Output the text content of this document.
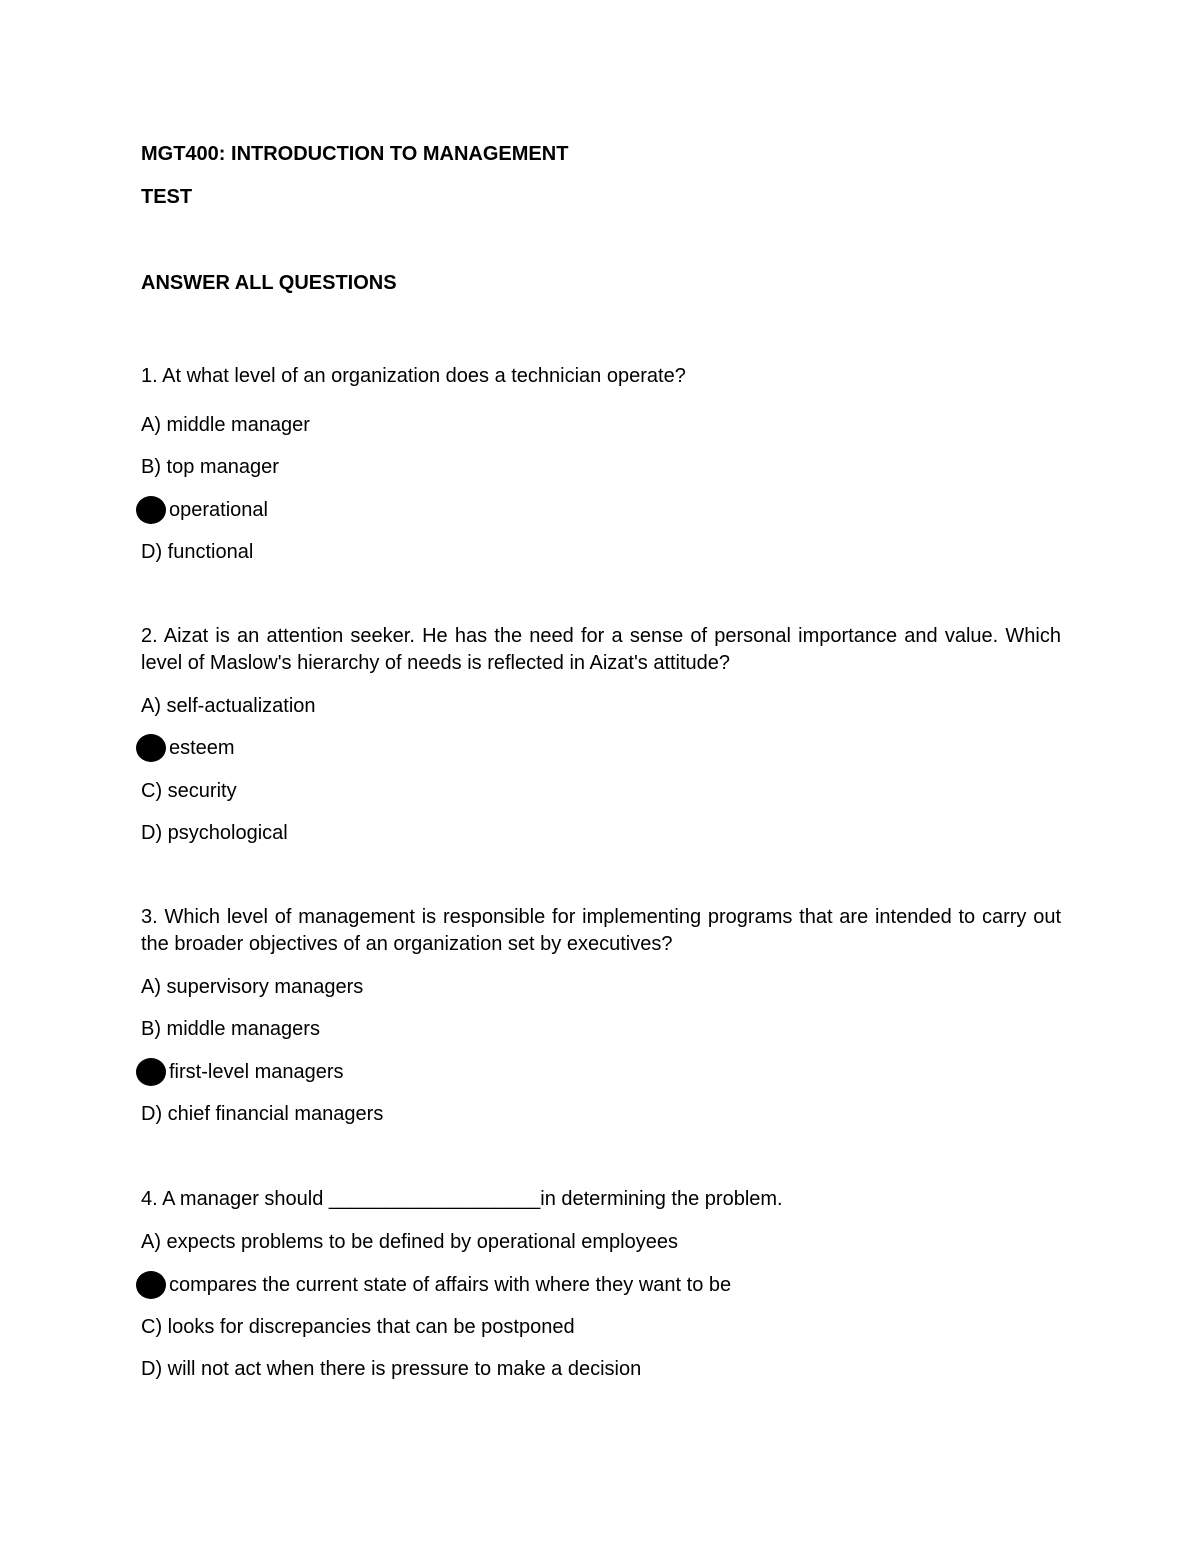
MGT400: INTRODUCTION TO MANAGEMENT
TEST
ANSWER ALL QUESTIONS
1. At what level of an organization does a technician operate?
A) middle manager
B) top manager
operational
D) functional
2. Aizat is an attention seeker. He has the need for a sense of personal importance and value. Which level of Maslow's hierarchy of needs is reflected in Aizat's attitude?
A) self-actualization
esteem
C) security
D) psychological
3. Which level of management is responsible for implementing programs that are intended to carry out the broader objectives of an organization set by executives?
A) supervisory managers
B) middle managers
first-level managers
D) chief financial managers
4. A manager should ___________________in determining the problem.
A) expects problems to be defined by operational employees
compares the current state of affairs with where they want to be
C) looks for discrepancies that can be postponed
D) will not act when there is pressure to make a decision
